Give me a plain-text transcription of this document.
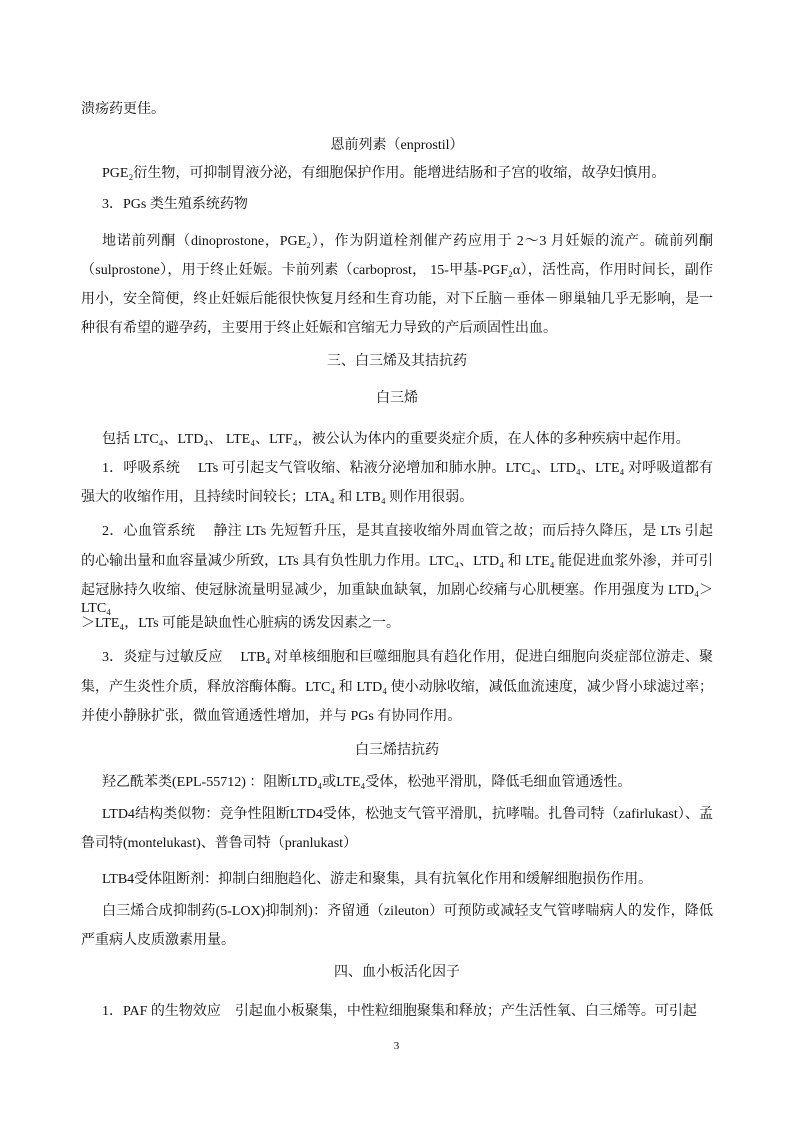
溃疡药更佳。
恩前列素（enprostil）
PGE₂衍生物，可抑制胃液分泌，有细胞保护作用。能增进结肠和子宫的收缩，故孕妇慎用。
3．PGs 类生殖系统药物
地诺前列酮（dinoprostone，PGE₂），作为阴道栓剂催产药应用于 2～3 月妊娠的流产。硫前列酮
（sulprostone），用于终止妊娠。卡前列素（carboprost， 15-甲基-PGF₂α），活性高，作用时间长，副作
用小，安全简便，终止妊娠后能很快恢复月经和生育功能，对下丘脑－垂体－卵巢轴几乎无影响，是一
种很有希望的避孕药，主要用于终止妊娠和宫缩无力导致的产后顽固性出血。
三、白三烯及其拮抗药
白三烯
包括 LTC₄、LTD₄、 LTE₄、LTF₄，被公认为体内的重要炎症介质，在人体的多种疾病中起作用。
1．呼吸系统　 LTs 可引起支气管收缩、粘液分泌增加和肺水肿。LTC₄、LTD₄、LTE₄ 对呼吸道都有
强大的收缩作用，且持续时间较长；LTA₄ 和 LTB₄ 则作用很弱。
2．心血管系统　 静注 LTs 先短暂升压，是其直接收缩外周血管之故；而后持久降压，是 LTs 引起
的心输出量和血容量减少所致，LTs 具有负性肌力作用。LTC₄、LTD₄ 和 LTE₄ 能促进血浆外渗，并可引
起冠脉持久收缩、使冠脉流量明显减少，加重缺血缺氧，加剧心绞痛与心肌梗塞。作用强度为 LTD₄＞LTC₄
＞LTE₄，LTs 可能是缺血性心脏病的诱发因素之一。
3．炎症与过敏反应　 LTB₄ 对单核细胞和巨噬细胞具有趋化作用，促进白细胞向炎症部位游走、聚
集，产生炎性介质，释放溶酶体酶。LTC₄ 和 LTD₄ 使小动脉收缩，减低血流速度，减少肾小球滤过率；
并使小静脉扩张，微血管通透性增加，并与 PGs 有协同作用。
白三烯拮抗药
羟乙酰苯类(EPL-55712) ：阻断LTD₄或LTE₄受体，松弛平滑肌，降低毛细血管通透性。
LTD4结构类似物：竞争性阻断LTD4受体，松弛支气管平滑肌，抗哮喘。扎鲁司特（zafirlukast）、孟
鲁司特(montelukast)、普鲁司特（pranlukast）
LTB4受体阻断剂：抑制白细胞趋化、游走和聚集，具有抗氧化作用和缓解细胞损伤作用。
白三烯合成抑制药(5-LOX)抑制剂)：齐留通（zileuton）可预防或减轻支气管哮喘病人的发作，降低
严重病人皮质激素用量。
四、血小板活化因子
1．PAF 的生物效应　引起血小板聚集，中性粒细胞聚集和释放；产生活性氧、白三烯等。可引起
3
